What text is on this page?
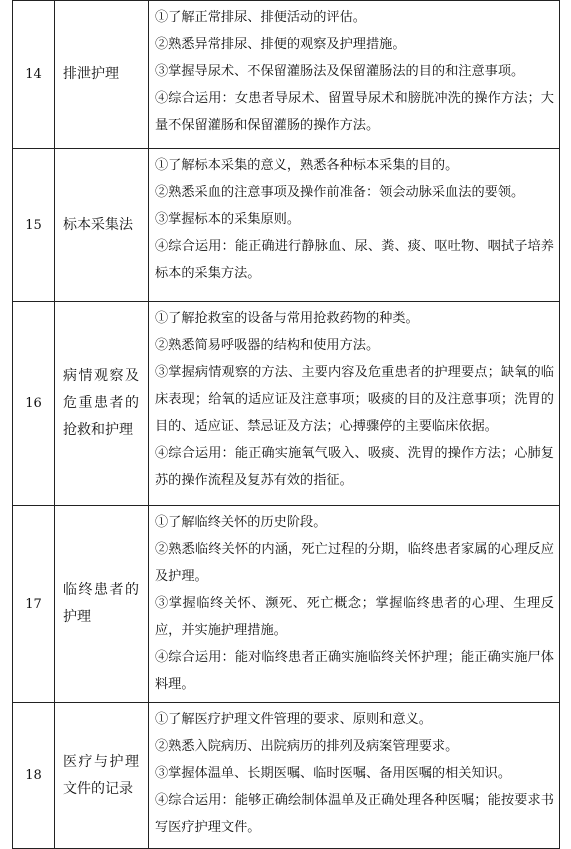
14	排泄护理	①了解正常排尿、排便活动的评估。
②熟悉异常排尿、排便的观察及护理措施。
③掌握导尿术、不保留灌肠法及保留灌肠法的目的和注意事项。
④综合运用：女患者导尿术、留置导尿术和膀胱冲洗的操作方法；大量不保留灌肠和保留灌肠的操作方法。

15	标本采集法	①了解标本采集的意义，熟悉各种标本采集的目的。
②熟悉采血的注意事项及操作前准备：领会动脉采血法的要领。
③掌握标本的采集原则。
④综合运用：能正确进行静脉血、尿、粪、痰、呕吐物、咽拭子培养标本的采集方法。

16	病情观察及危重患者的抢救和护理	①了解抢救室的设备与常用抢救药物的种类。
②熟悉简易呼吸器的结构和使用方法。
③掌握病情观察的方法、主要内容及危重患者的护理要点；缺氧的临床表现；给氧的适应证及注意事项；吸痰的目的及注意事项；洗胃的目的、适应证、禁忌证及方法；心搏骤停的主要临床依据。
④综合运用：能正确实施氧气吸入、吸痰、洗胃的操作方法；心肺复苏的操作流程及复苏有效的指征。

17	临终患者的护理	①了解临终关怀的历史阶段。
②熟悉临终关怀的内涵，死亡过程的分期，临终患者家属的心理反应及护理。
③掌握临终关怀、濒死、死亡概念；掌握临终患者的心理、生理反应，并实施护理措施。
④综合运用：能对临终患者正确实施临终关怀护理；能正确实施尸体料理。

18	医疗与护理文件的记录	①了解医疗护理文件管理的要求、原则和意义。
②熟悉入院病历、出院病历的排列及病案管理要求。
③掌握体温单、长期医嘱、临时医嘱、备用医嘱的相关知识。
④综合运用：能够正确绘制体温单及正确处理各种医嘱；能按要求书写医疗护理文件。
